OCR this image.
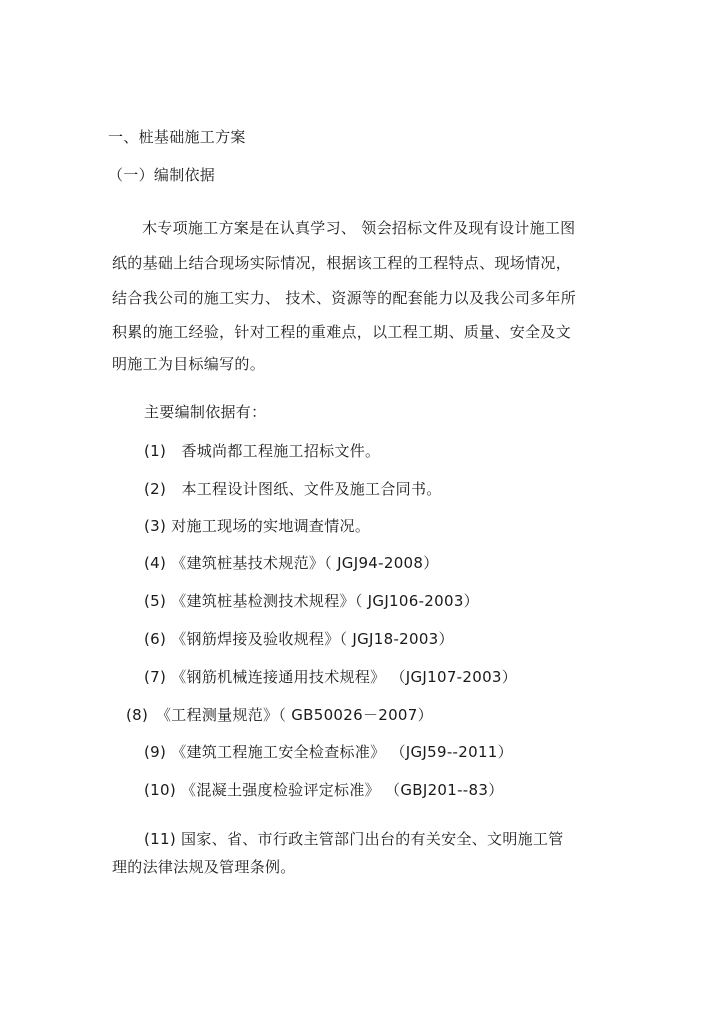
一、桩基础施工方案
（一）编制依据
木专项施工方案是在认真学习、 领会招标文件及现有设计施工图
纸的基础上结合现场实际情况，根据该工程的工程特点、现场情况，
结合我公司的施工实力、 技术、资源等的配套能力以及我公司多年所
积累的施工经验，针对工程的重难点，以工程工期、质量、安全及文
明施工为目标编写的。
主要编制依据有：
(1)　香城尚都工程施工招标文件。
(2)　本工程设计图纸、文件及施工合同书。
(3) 对施工现场的实地调查情况。
(4) 《建筑桩基技术规范》（ JGJ94-2008）
(5) 《建筑桩基检测技术规程》（ JGJ106-2003）
(6) 《钢筋焊接及验收规程》（ JGJ18-2003）
(7) 《钢筋机械连接通用技术规程》 （JGJ107-2003）
(8)　《工程测量规范》（ GB50026－2007）
(9) 《建筑工程施工安全检查标准》 （JGJ59--2011）
(10) 《混凝土强度检验评定标准》 （GBJ201--83）
(11) 国家、省、市行政主管部门出台的有关安全、文明施工管
理的法律法规及管理条例。
